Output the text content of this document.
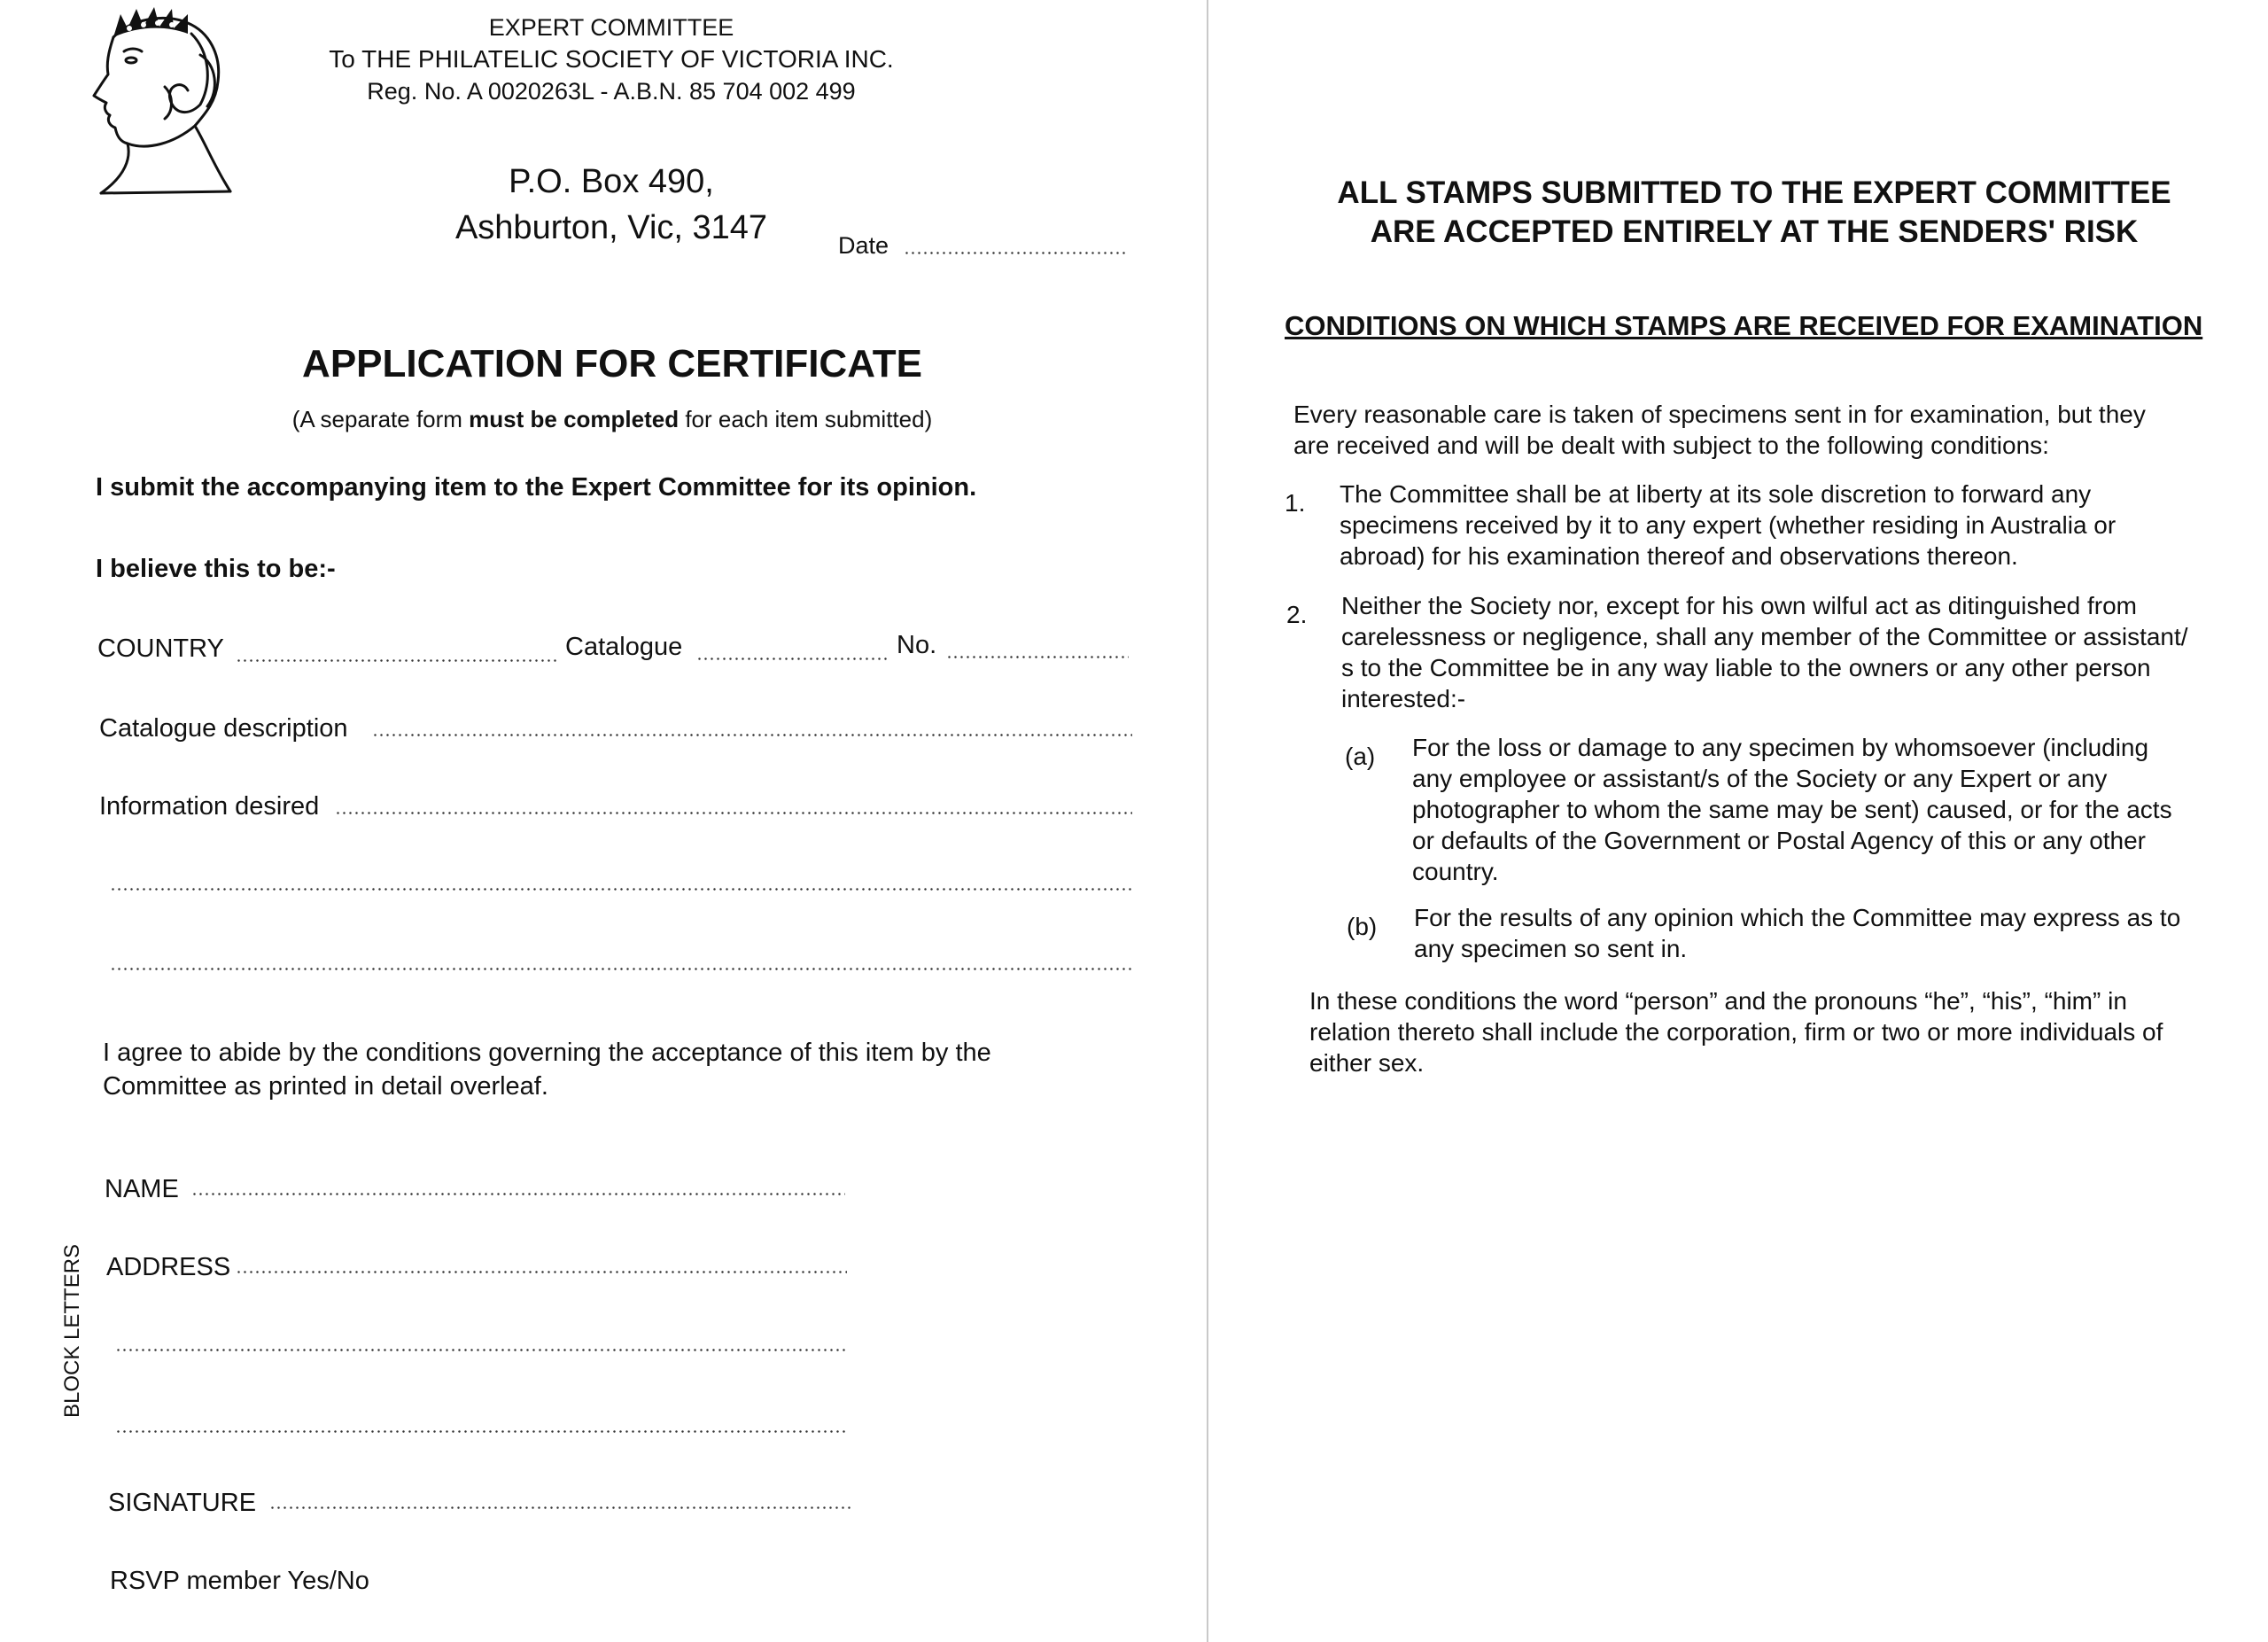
EXPERT COMMITTEE
To THE PHILATELIC SOCIETY OF VICTORIA INC.
Reg. No. A 0020263L - A.B.N. 85 704 002 499
P.O. Box 490,
Ashburton, Vic, 3147	Date
APPLICATION FOR CERTIFICATE
(A separate form must be completed for each item submitted)
I submit the accompanying item to the Expert Committee for its opinion.
I believe this to be:-
COUNTRY	Catalogue	No.
Catalogue description
Information desired
I agree to abide by the conditions governing the acceptance of this item by the
Committee as printed in detail overleaf.
NAME
ADDRESS
BLOCK LETTERS
SIGNATURE
RSVP member Yes/No
ALL STAMPS SUBMITTED TO THE EXPERT COMMITTEE
ARE ACCEPTED ENTIRELY AT THE SENDERS' RISK
CONDITIONS ON WHICH STAMPS ARE RECEIVED FOR EXAMINATION
Every reasonable care is taken of specimens sent in for examination, but they
are received and will be dealt with subject to the following conditions:
1. The Committee shall be at liberty at its sole discretion to forward any
specimens received by it to any expert (whether residing in Australia or
abroad) for his examination thereof and observations thereon.
2. Neither the Society nor, except for his own wilful act as ditinguished from
carelessness or negligence, shall any member of the Committee or assistant/
s to the Committee be in any way liable to the owners or any other person
interested:-
(a) For the loss or damage to any specimen by whomsoever (including
any employee or assistant/s of the Society or any Expert or any
photographer to whom the same may be sent) caused, or for the acts
or defaults of the Government or Postal Agency of this or any other
country.
(b) For the results of any opinion which the Committee may express as to
any specimen so sent in.
In these conditions the word “person” and the pronouns “he”, “his”, “him” in
relation thereto shall include the corporation, firm or two or more individuals of
either sex.
